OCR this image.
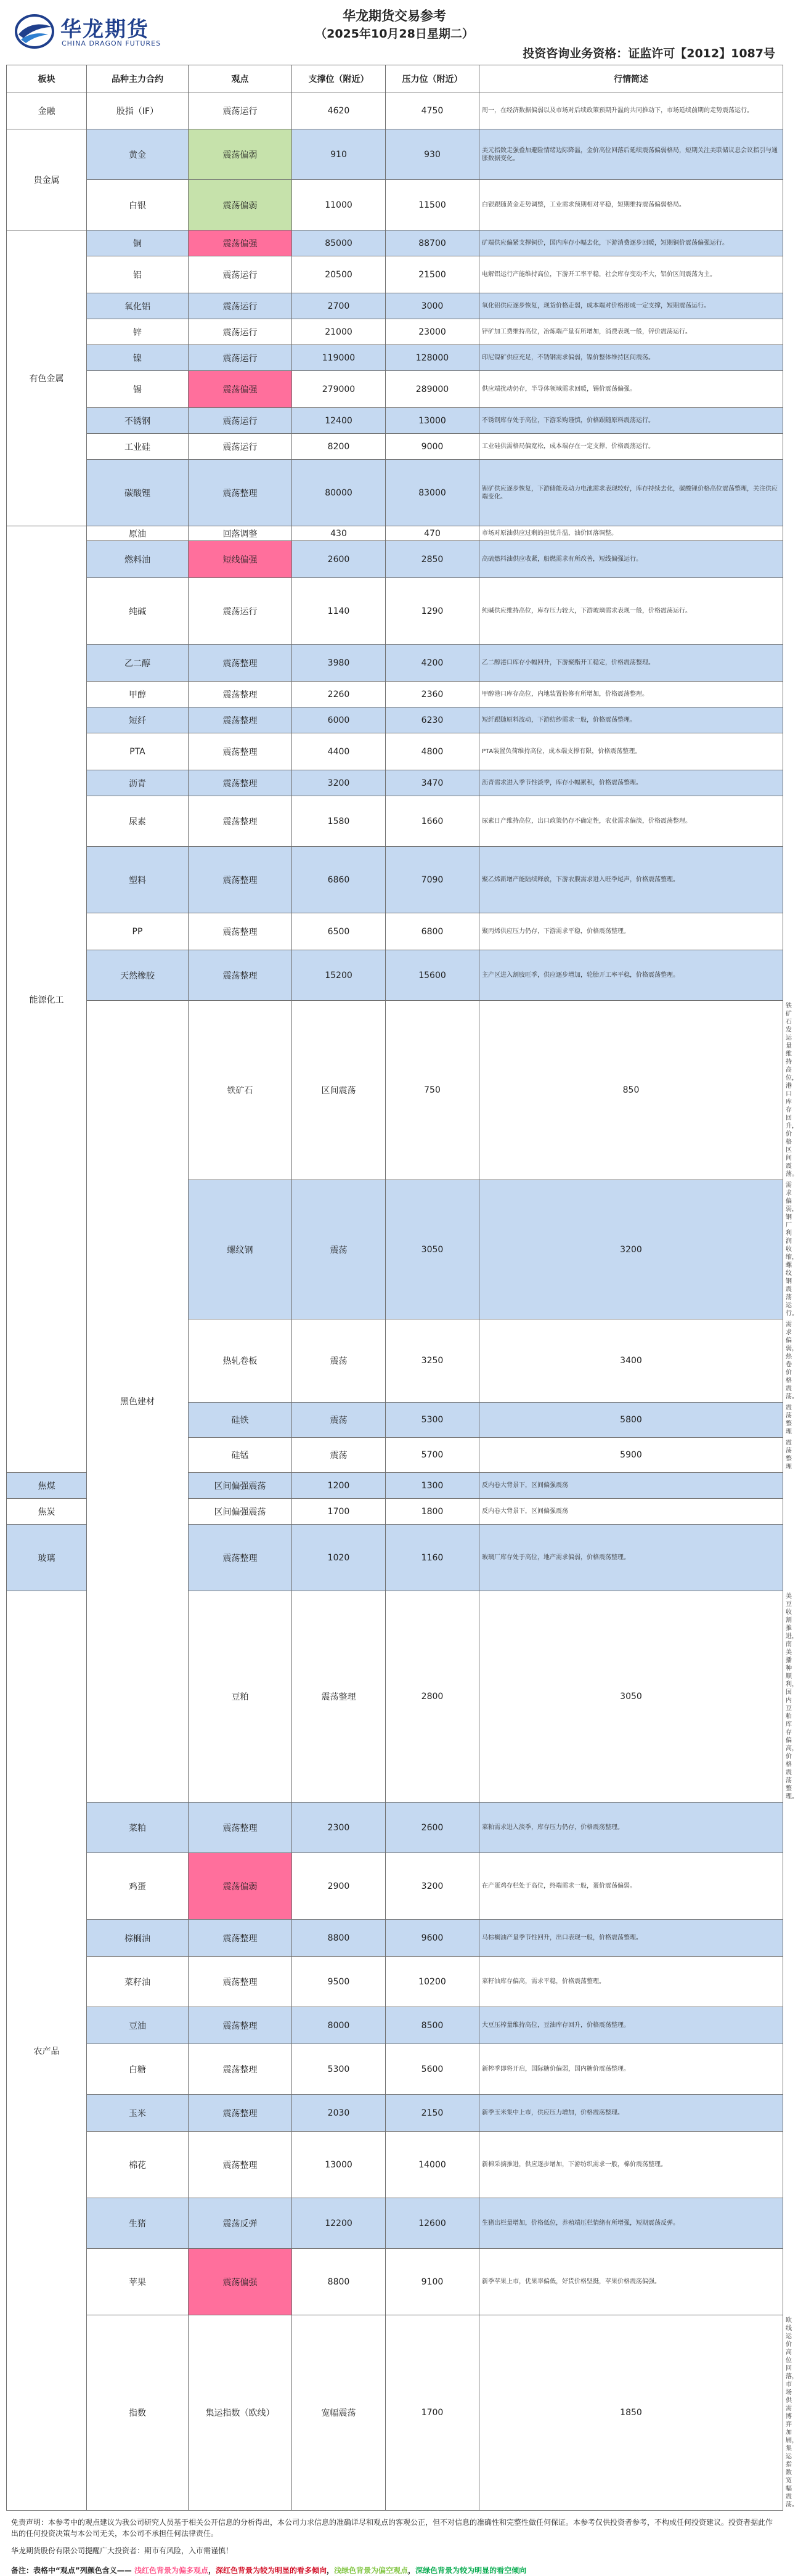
华龙期货
CHINA DRAGON FUTURES
华龙期货交易参考
（2025年10月28日星期二）
投资咨询业务资格：证监许可【2012】1087号
板块	品种主力合约	观点	支撑位（附近）	压力位（附近）	行情简述	
金融	股指（IF）	震荡运行	4620	4750	周一，在经济数据偏弱以及市场对后续政策预期升温的共同推动下，市场延续前期的走势震荡运行。	
贵金属	黄金	震荡偏弱	910	930	美元指数走强叠加避险情绪边际降温，金价高位回落后延续震荡偏弱格局，短期关注美联储议息会议指引与通胀数据变化。	
	白银	震荡偏弱	11000	11500	白银跟随黄金走势调整，工业需求预期相对平稳，短期维持震荡偏弱格局。	
有色金属	铜	震荡偏强	85000	88700	矿端供应偏紧支撑铜价，国内库存小幅去化，下游消费逐步回暖，短期铜价震荡偏强运行。	
	铝	震荡运行	20500	21500	电解铝运行产能维持高位，下游开工率平稳，社会库存变动不大，铝价区间震荡为主。	
	氧化铝	震荡运行	2700	3000	氧化铝供应逐步恢复，现货价格走弱，成本端对价格形成一定支撑，短期震荡运行。	
	锌	震荡运行	21000	23000	锌矿加工费维持高位，冶炼端产量有所增加，消费表现一般，锌价震荡运行。	
	镍	震荡运行	119000	128000	印尼镍矿供应充足，不锈钢需求偏弱，镍价整体维持区间震荡。	
	锡	震荡偏强	279000	289000	供应端扰动仍存，半导体领域需求回暖，锡价震荡偏强。	
	不锈钢	震荡运行	12400	13000	不锈钢库存处于高位，下游采购谨慎，价格跟随原料震荡运行。	
	工业硅	震荡运行	8200	9000	工业硅供需格局偏宽松，成本端存在一定支撑，价格震荡运行。	
	碳酸锂	震荡整理	80000	83000	锂矿供应逐步恢复，下游储能及动力电池需求表现较好，库存持续去化，碳酸锂价格高位震荡整理，关注供应端变化。	
能源化工	原油	回落调整	430	470	市场对原油供应过剩的担忧升温，油价回落调整。	
	燃料油	短线偏强	2600	2850	高硫燃料油供应收紧，船燃需求有所改善，短线偏强运行。	
	纯碱	震荡运行	1140	1290	纯碱供应维持高位，库存压力较大，下游玻璃需求表现一般，价格震荡运行。	
	乙二醇	震荡整理	3980	4200	乙二醇港口库存小幅回升，下游聚酯开工稳定，价格震荡整理。	
	甲醇	震荡整理	2260	2360	甲醇港口库存高位，内地装置检修有所增加，价格震荡整理。	
	短纤	震荡整理	6000	6230	短纤跟随原料波动，下游纺纱需求一般，价格震荡整理。	
	PTA	震荡整理	4400	4800	PTA装置负荷维持高位，成本端支撑有限，价格震荡整理。	
	沥青	震荡整理	3200	3470	沥青需求进入季节性淡季，库存小幅累积，价格震荡整理。	
	尿素	震荡整理	1580	1660	尿素日产维持高位，出口政策仍存不确定性，农业需求偏淡，价格震荡整理。	
	塑料	震荡整理	6860	7090	聚乙烯新增产能陆续释放，下游农膜需求进入旺季尾声，价格震荡整理。	
	PP	震荡整理	6500	6800	聚丙烯供应压力仍存，下游需求平稳，价格震荡整理。	
	天然橡胶	震荡整理	15200	15600	主产区进入割胶旺季，供应逐步增加，轮胎开工率平稳，价格震荡整理。	
	黑色建材	铁矿石	区间震荡	750	850	铁矿石发运量维持高位，港口库存回升，价格区间震荡。
		螺纹钢	震荡	3050	3200	需求偏弱，钢厂利润收缩，螺纹钢震荡运行。
		热轧卷板	震荡	3250	3400	需求偏弱，热卷价格震荡。
		硅铁	震荡	5300	5800	震荡整理
		硅锰	震荡	5700	5900	震荡整理
焦煤		区间偏强震荡	1200	1300	反内卷大背景下，区间偏强震荡	
焦炭		区间偏强震荡	1700	1800	反内卷大背景下，区间偏强震荡	
玻璃		震荡整理	1020	1160	玻璃厂库存处于高位，地产需求偏弱，价格震荡整理。	
农产品		豆粕	震荡整理	2800	3050	美豆收割推进，南美播种顺利，国内豆粕库存偏高，价格震荡整理。
	菜粕	震荡整理	2300	2600	菜粕需求进入淡季，库存压力仍存，价格震荡整理。	
	鸡蛋	震荡偏弱	2900	3200	在产蛋鸡存栏处于高位，终端需求一般，蛋价震荡偏弱。	
	棕榈油	震荡整理	8800	9600	马棕榈油产量季节性回升，出口表现一般，价格震荡整理。	
	菜籽油	震荡整理	9500	10200	菜籽油库存偏高，需求平稳，价格震荡整理。	
	豆油	震荡整理	8000	8500	大豆压榨量维持高位，豆油库存回升，价格震荡整理。	
	白糖	震荡整理	5300	5600	新榨季即将开启，国际糖价偏弱，国内糖价震荡整理。	
	玉米	震荡整理	2030	2150	新季玉米集中上市，供应压力增加，价格震荡整理。	
	棉花	震荡整理	13000	14000	新棉采摘推进，供应逐步增加，下游纺织需求一般，棉价震荡整理。	
	生猪	震荡反弹	12200	12600	生猪出栏量增加，价格低位，养殖端压栏情绪有所增强，短期震荡反弹。	
	苹果	震荡偏强	8800	9100	新季苹果上市，优果率偏低，好货价格坚挺，苹果价格震荡偏强。	
	指数	集运指数（欧线）	宽幅震荡	1700	1850	欧线运价高位回落，市场供需博弈加剧，集运指数宽幅震荡。

免责声明：本参考中的观点建议为我公司研究人员基于相关公开信息的分析得出，本公司力求信息的准确详尽和观点的客观公正，但不对信息的准确性和完整性做任何保证。本参考仅供投资者参考，不构成任何投资建议。投资者据此作出的任何投资决策与本公司无关，本公司不承担任何法律责任。

华龙期货股份有限公司提醒广大投资者：期市有风险，入市需谨慎！

备注：表格中“观点”列颜色含义—— 浅红色背景为偏多观点，深红色背景为较为明显的看多倾向，浅绿色背景为偏空观点，深绿色背景为较为明显的看空倾向
